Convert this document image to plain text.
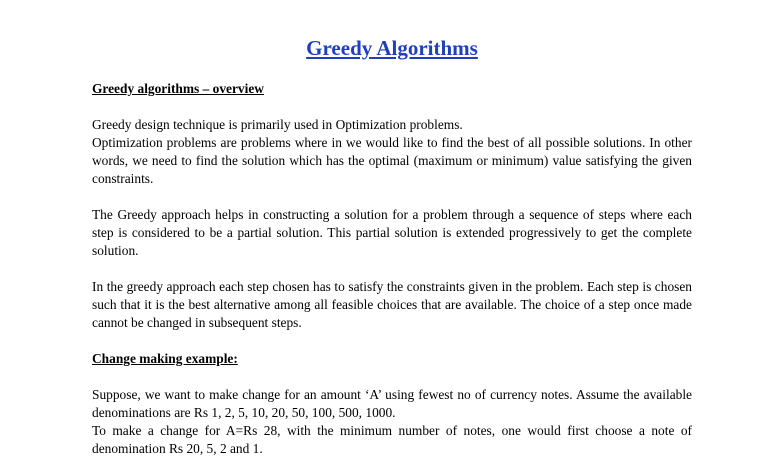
Greedy Algorithms
Greedy algorithms – overview

Greedy design technique is primarily used in Optimization problems.

Optimization problems are problems where in we would like to find the best of all possible solutions. In other words, we need to find the solution which has the optimal (maximum or minimum) value satisfying the given constraints.

The Greedy approach helps in constructing a solution for a problem through a sequence of steps where each step is considered to be a partial solution. This partial solution is extended progressively to get the complete solution.

In the greedy approach each step chosen has to satisfy the constraints given in the problem. Each step is chosen such that it is the best alternative among all feasible choices that are available. The choice of a step once made cannot be changed in subsequent steps.

Change making example:

Suppose, we want to make change for an amount ‘A’ using fewest no of currency notes. Assume the available denominations are Rs 1, 2, 5, 10, 20, 50, 100, 500, 1000.

To make a change for A=Rs 28, with the minimum number of notes, one would first choose a note of denomination Rs 20, 5, 2 and 1.
